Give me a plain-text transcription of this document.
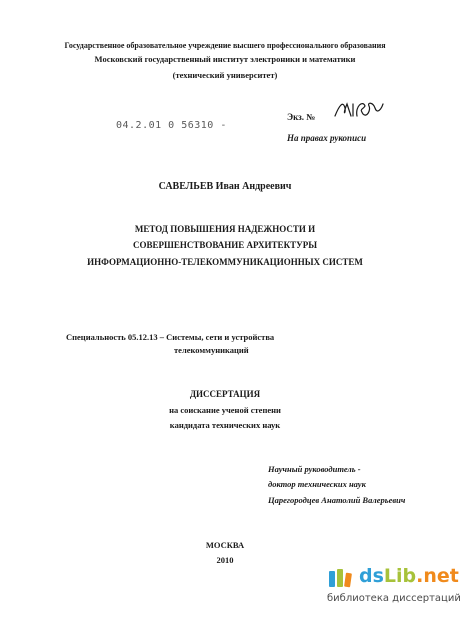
Государственное образовательное учреждение высшего профессионального образования
Московский государственный институт электроники и математики
(технический университет)
04.2.01 0 56310 -
Экз. №
На правах рукописи
САВЕЛЬЕВ Иван Андреевич
МЕТОД ПОВЫШЕНИЯ НАДЕЖНОСТИ И
СОВЕРШЕНСТВОВАНИЕ АРХИТЕКТУРЫ
ИНФОРМАЦИОННО-ТЕЛЕКОММУНИКАЦИОННЫХ СИСТЕМ
Специальность 05.12.13 – Системы, сети и устройства
телекоммуникаций
ДИССЕРТАЦИЯ
на соискание ученой степени
кандидата технических наук
Научный руководитель -
доктор технических наук
Царегородцев Анатолий Валерьевич
МОСКВА
2010
dsLib.net
библиотека диссертаций
